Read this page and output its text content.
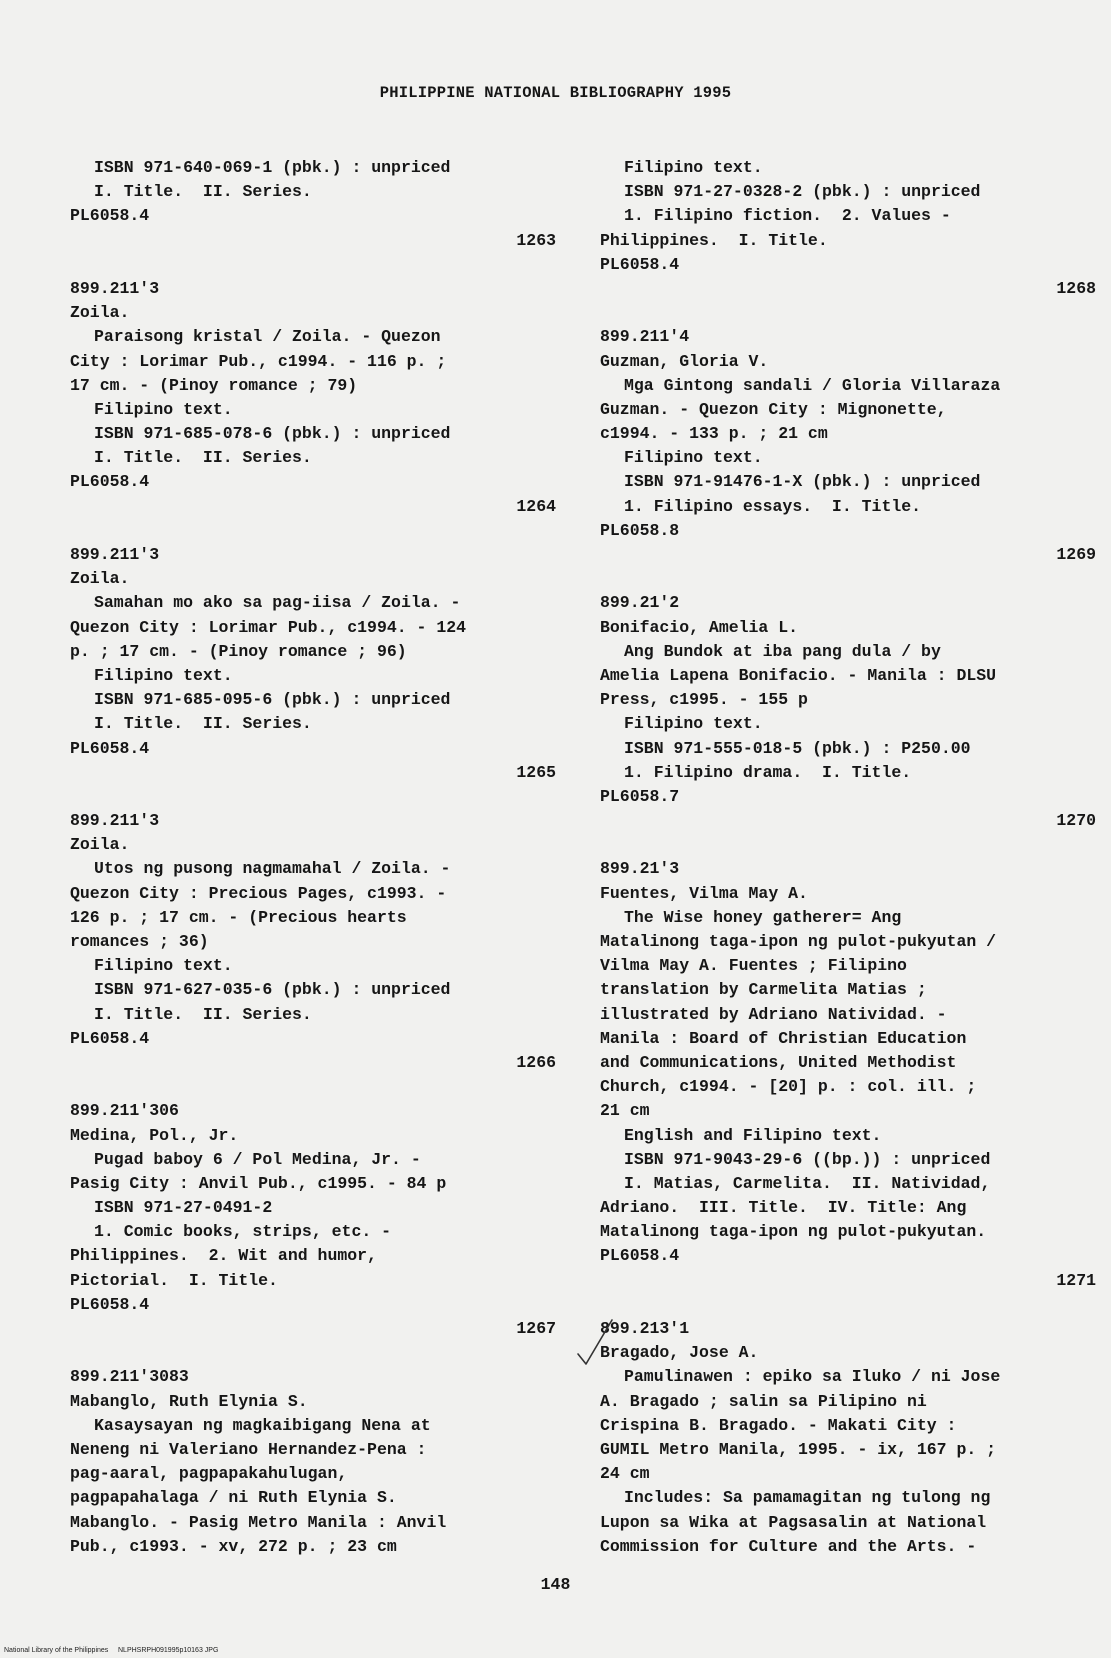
PHILIPPINE NATIONAL BIBLIOGRAPHY 1995
ISBN 971-640-069-1 (pbk.) : unpriced
I. Title.  II. Series.
PL6058.4
1263
899.211'3
Zoila.
Paraisong kristal / Zoila. - Quezon
City : Lorimar Pub., c1994. - 116 p. ;
17 cm. - (Pinoy romance ; 79)
Filipino text.
ISBN 971-685-078-6 (pbk.) : unpriced
I. Title.  II. Series.
PL6058.4
1264
899.211'3
Zoila.
Samahan mo ako sa pag-iisa / Zoila. -
Quezon City : Lorimar Pub., c1994. - 124
p. ; 17 cm. - (Pinoy romance ; 96)
Filipino text.
ISBN 971-685-095-6 (pbk.) : unpriced
I. Title.  II. Series.
PL6058.4
1265
899.211'3
Zoila.
Utos ng pusong nagmamahal / Zoila. -
Quezon City : Precious Pages, c1993. -
126 p. ; 17 cm. - (Precious hearts
romances ; 36)
Filipino text.
ISBN 971-627-035-6 (pbk.) : unpriced
I. Title.  II. Series.
PL6058.4
1266
899.211'306
Medina, Pol., Jr.
Pugad baboy 6 / Pol Medina, Jr. -
Pasig City : Anvil Pub., c1995. - 84 p
ISBN 971-27-0491-2
1. Comic books, strips, etc. -
Philippines.  2. Wit and humor,
Pictorial.  I. Title.
PL6058.4
1267
899.211'3083
Mabanglo, Ruth Elynia S.
Kasaysayan ng magkaibigang Nena at
Neneng ni Valeriano Hernandez-Pena :
pag-aaral, pagpapakahulugan,
pagpapahalaga / ni Ruth Elynia S.
Mabanglo. - Pasig Metro Manila : Anvil
Pub., c1993. - xv, 272 p. ; 23 cm
Filipino text.
ISBN 971-27-0328-2 (pbk.) : unpriced
1. Filipino fiction.  2. Values -
Philippines.  I. Title.
PL6058.4
1268
899.211'4
Guzman, Gloria V.
Mga Gintong sandali / Gloria Villaraza
Guzman. - Quezon City : Mignonette,
c1994. - 133 p. ; 21 cm
Filipino text.
ISBN 971-91476-1-X (pbk.) : unpriced
1. Filipino essays.  I. Title.
PL6058.8
1269
899.21'2
Bonifacio, Amelia L.
Ang Bundok at iba pang dula / by
Amelia Lapena Bonifacio. - Manila : DLSU
Press, c1995. - 155 p
Filipino text.
ISBN 971-555-018-5 (pbk.) : P250.00
1. Filipino drama.  I. Title.
PL6058.7
1270
899.21'3
Fuentes, Vilma May A.
The Wise honey gatherer= Ang
Matalinong taga-ipon ng pulot-pukyutan /
Vilma May A. Fuentes ; Filipino
translation by Carmelita Matias ;
illustrated by Adriano Natividad. -
Manila : Board of Christian Education
and Communications, United Methodist
Church, c1994. - [20] p. : col. ill. ;
21 cm
English and Filipino text.
ISBN 971-9043-29-6 ((bp.)) : unpriced
I. Matias, Carmelita.  II. Natividad,
Adriano.  III. Title.  IV. Title: Ang
Matalinong taga-ipon ng pulot-pukyutan.
PL6058.4
1271
899.213'1
Bragado, Jose A.
Pamulinawen : epiko sa Iluko / ni Jose
A. Bragado ; salin sa Pilipino ni
Crispina B. Bragado. - Makati City :
GUMIL Metro Manila, 1995. - ix, 167 p. ;
24 cm
Includes: Sa pamamagitan ng tulong ng
Lupon sa Wika at Pagsasalin at National
Commission for Culture and the Arts. -
148
National Library of the Philippines     NLPHSRPH091995p10163 JPG
